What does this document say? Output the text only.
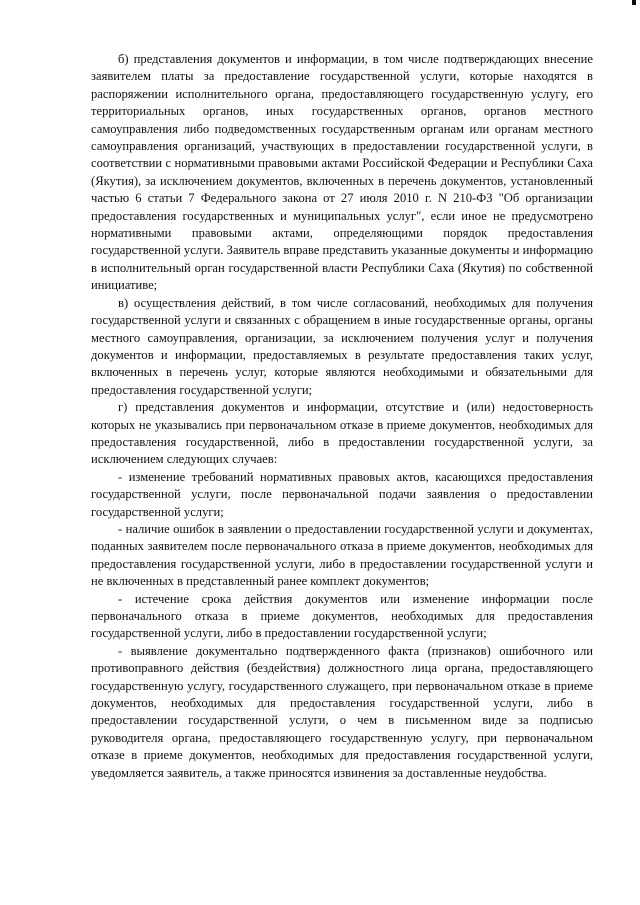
б) представления документов и информации, в том числе подтверждающих внесение заявителем платы за предоставление государственной услуги, которые находятся в распоряжении исполнительного органа, предоставляющего государственную услугу, его территориальных органов, иных государственных органов, органов местного самоуправления либо подведомственных государственным органам или органам местного самоуправления организаций, участвующих в предоставлении государственной услуги, в соответствии с нормативными правовыми актами Российской Федерации и Республики Саха (Якутия), за исключением документов, включенных в перечень документов, установленный частью 6 статьи 7 Федерального закона от 27 июля 2010 г. N 210-ФЗ "Об организации предоставления государственных и муниципальных услуг", если иное не предусмотрено нормативными правовыми актами, определяющими порядок предоставления государственной услуги. Заявитель вправе представить указанные документы и информацию в исполнительный орган государственной власти Республики Саха (Якутия) по собственной инициативе;

в) осуществления действий, в том числе согласований, необходимых для получения государственной услуги и связанных с обращением в иные государственные органы, органы местного самоуправления, организации, за исключением получения услуг и получения документов и информации, предоставляемых в результате предоставления таких услуг, включенных в перечень услуг, которые являются необходимыми и обязательными для предоставления государственной услуги;

г) представления документов и информации, отсутствие и (или) недостоверность которых не указывались при первоначальном отказе в приеме документов, необходимых для предоставления государственной, либо в предоставлении государственной услуги, за исключением следующих случаев:

- изменение требований нормативных правовых актов, касающихся предоставления государственной услуги, после первоначальной подачи заявления о предоставлении государственной услуги;

- наличие ошибок в заявлении о предоставлении государственной услуги и документах, поданных заявителем после первоначального отказа в приеме документов, необходимых для предоставления государственной услуги, либо в предоставлении государственной услуги и не включенных в представленный ранее комплект документов;

- истечение срока действия документов или изменение информации после первоначального отказа в приеме документов, необходимых для предоставления государственной услуги, либо в предоставлении государственной услуги;

- выявление документально подтвержденного факта (признаков) ошибочного или противоправного действия (бездействия) должностного лица органа, предоставляющего государственную услугу, государственного служащего, при первоначальном отказе в приеме документов, необходимых для предоставления государственной услуги, либо в предоставлении государственной услуги, о чем в письменном виде за подписью руководителя органа, предоставляющего государственную услугу, при первоначальном отказе в приеме документов, необходимых для предоставления государственной услуги, уведомляется заявитель, а также приносятся извинения за доставленные неудобства.
